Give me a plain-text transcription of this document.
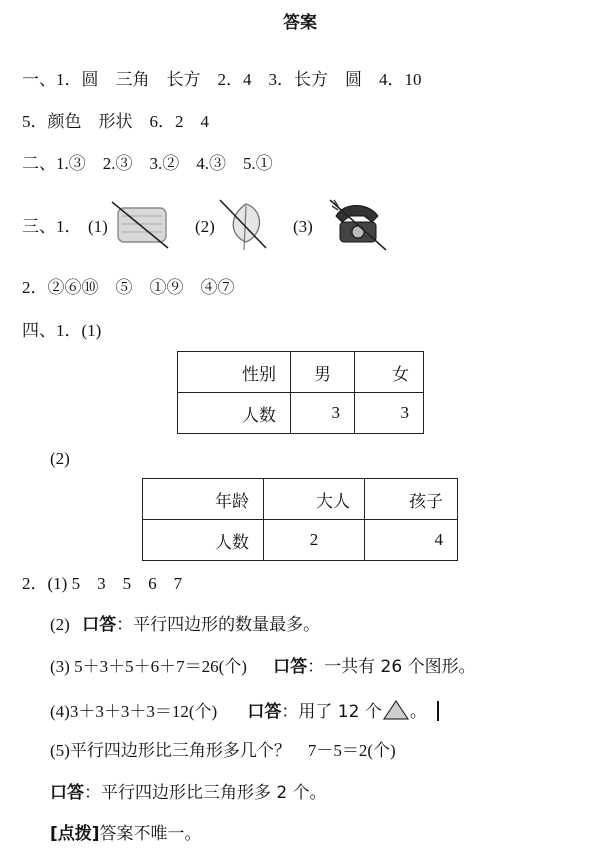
答案
一、1．圆　三角　长方　2．4　3．长方　圆　4．10
5．颜色　形状　6．2　4
二、1.③　2.③　3.②　4.③　5.①
三、1． (1)	(2)	(3)
2．②⑥⑩　⑤　①⑨　④⑦
四、1．(1)
性别	男	女
人数	3	3
(2)
年龄	大人	孩子
人数	2	4
2．(1) 5　3　5　6　7
(2) 口答：平行四边形的数量最多。
(3) 5＋3＋5＋6＋7＝26(个) 口答：一共有 26 个图形。
(4)3＋3＋3＋3＝12(个) 口答：用了 12 个 。
(5)平行四边形比三角形多几个？　7－5＝2(个)
口答：平行四边形比三角形多 2 个。
[点拨]答案不唯一。
